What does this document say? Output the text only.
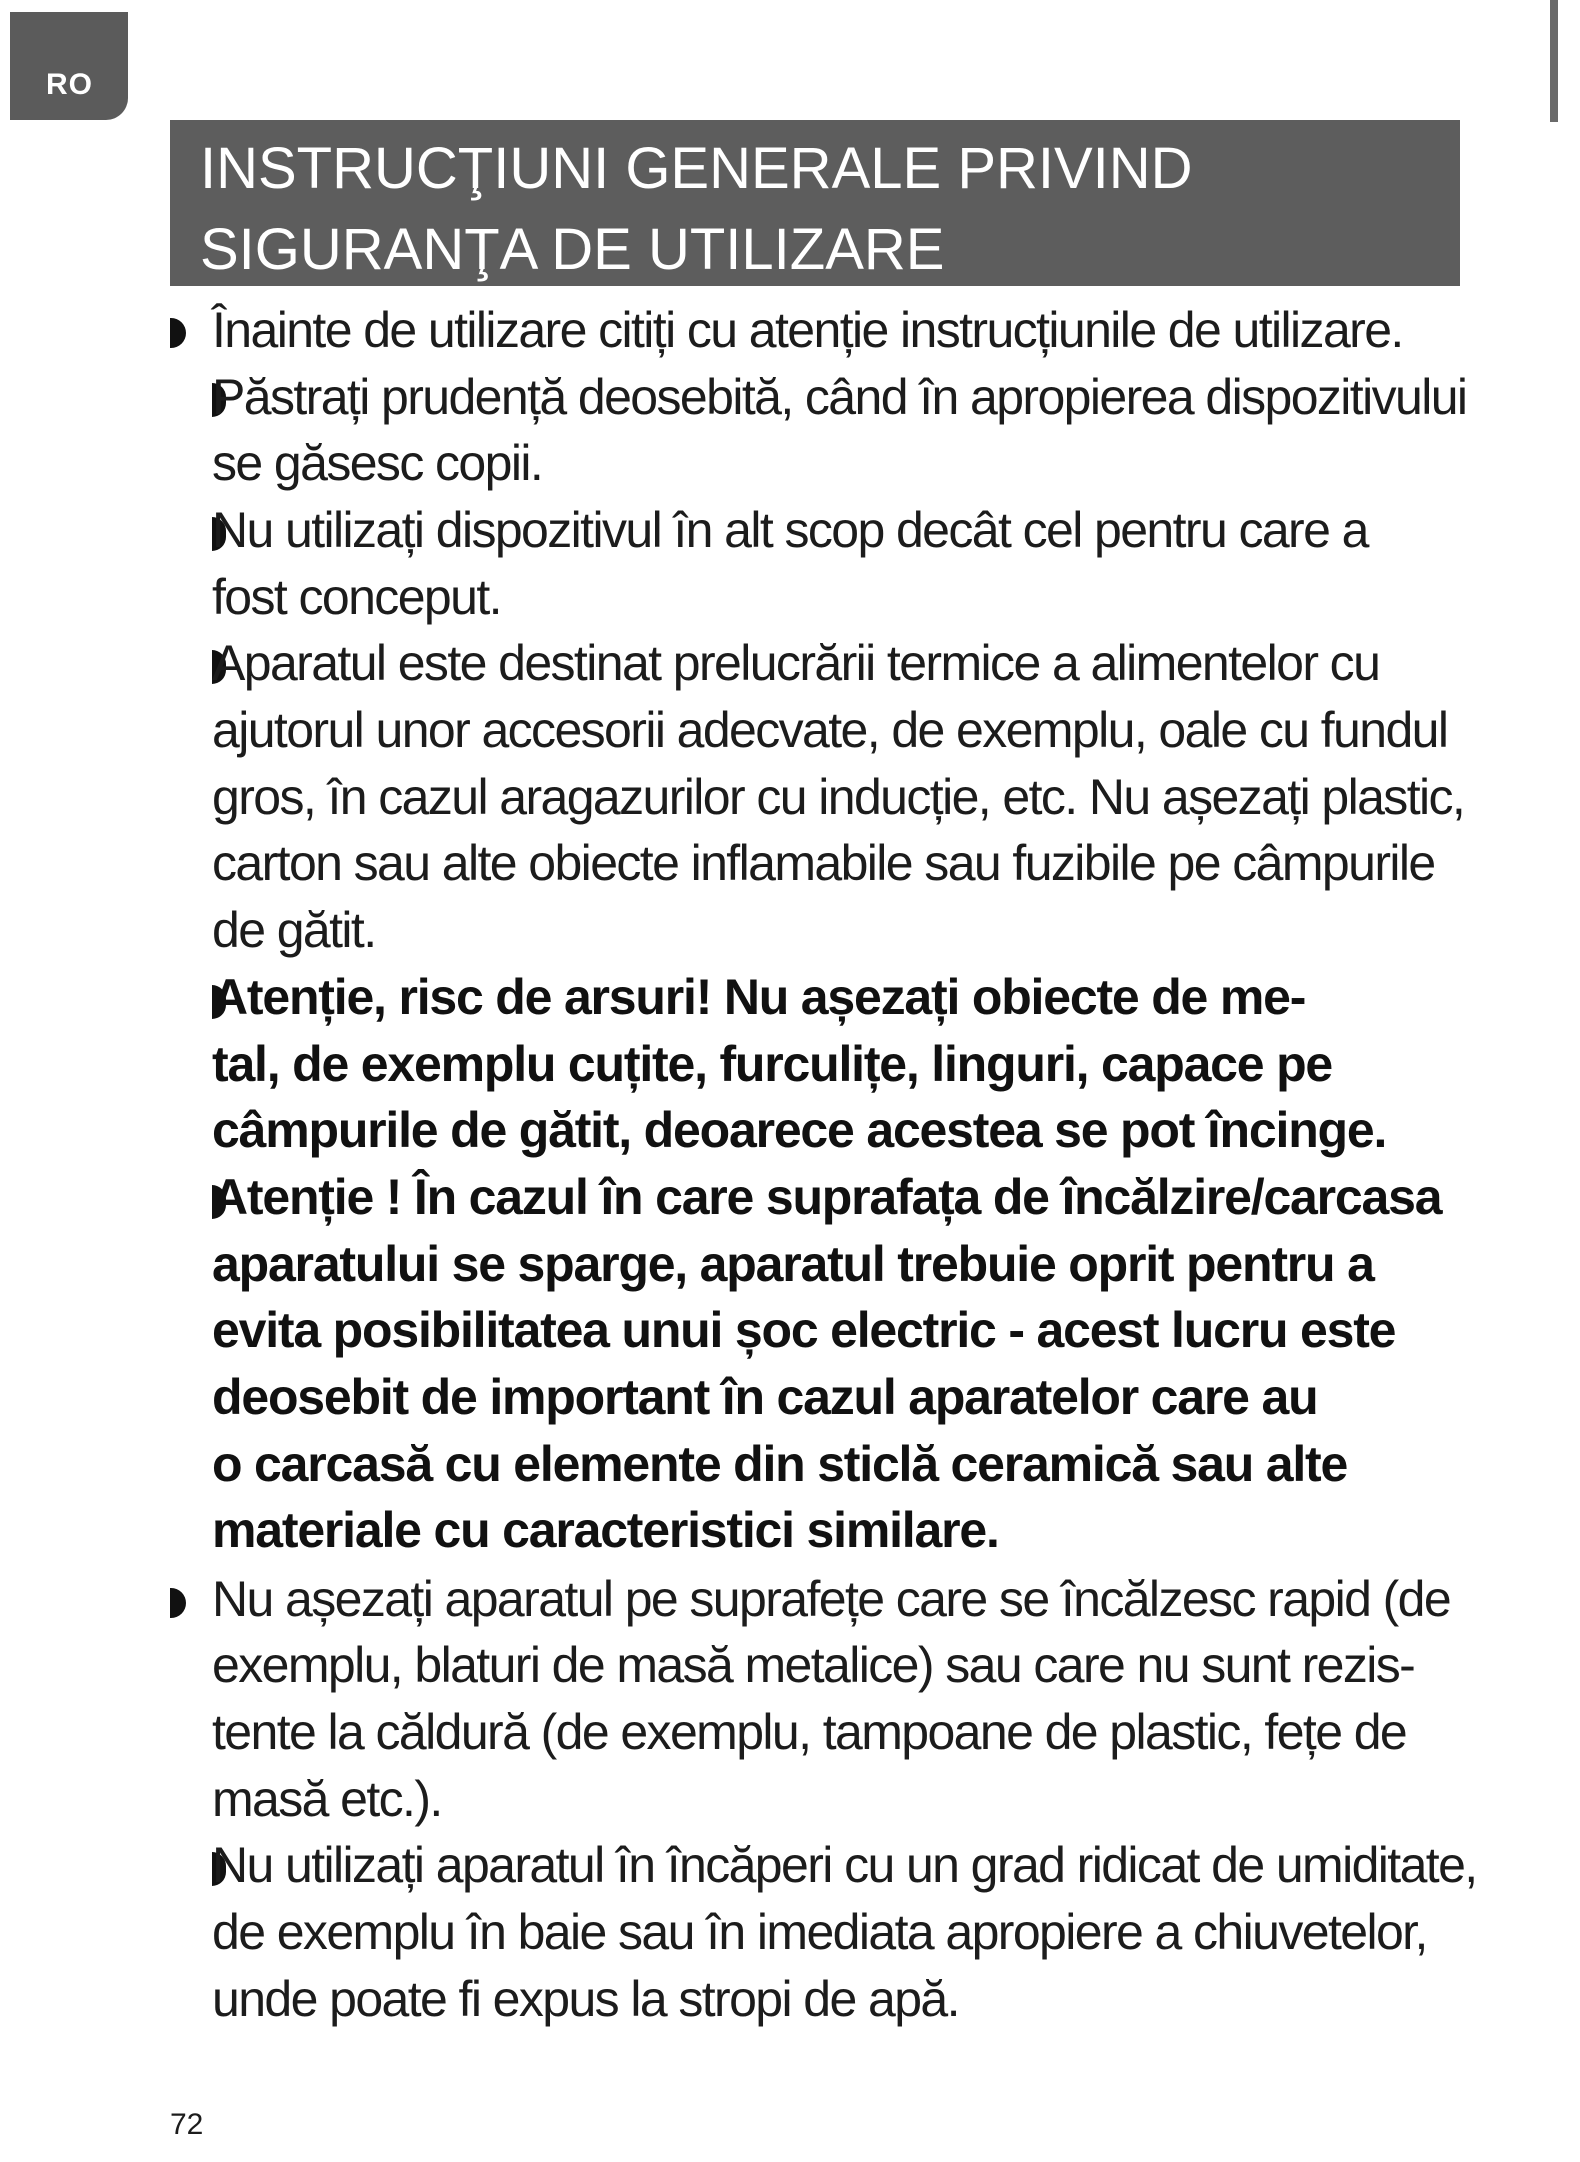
RO
INSTRUCŢIUNI GENERALE PRIVIND
SIGURANŢA DE UTILIZARE
Înainte de utilizare citiți cu atenție instrucțiunile de utilizare.
Păstrați prudență deosebită, când în apropierea dispozitivului
se găsesc copii.
Nu utilizați dispozitivul în alt scop decât cel pentru care a
fost conceput.
Aparatul este destinat prelucrării termice a alimentelor cu
ajutorul unor accesorii adecvate, de exemplu, oale cu fundul
gros, în cazul aragazurilor cu inducție, etc. Nu așezați plastic,
carton sau alte obiecte inflamabile sau fuzibile pe câmpurile
de gătit.
Atenție, risc de arsuri! Nu așezați obiecte de me-
tal, de exemplu cuțite, furculițe, linguri, capace pe
câmpurile de gătit, deoarece acestea se pot încinge.
Atenție ! În cazul în care suprafața de încălzire/carcasa
aparatului se sparge, aparatul trebuie oprit pentru a
evita posibilitatea unui șoc electric - acest lucru este
deosebit de important în cazul aparatelor care au
o carcasă cu elemente din sticlă ceramică sau alte
materiale cu caracteristici similare.
Nu așezați aparatul pe suprafețe care se încălzesc rapid (de
exemplu, blaturi de masă metalice) sau care nu sunt rezis-
tente la căldură (de exemplu, tampoane de plastic, fețe de
masă etc.).
Nu utilizați aparatul în încăperi cu un grad ridicat de umiditate,
de exemplu în baie sau în imediata apropiere a chiuvetelor,
unde poate fi expus la stropi de apă.
72
